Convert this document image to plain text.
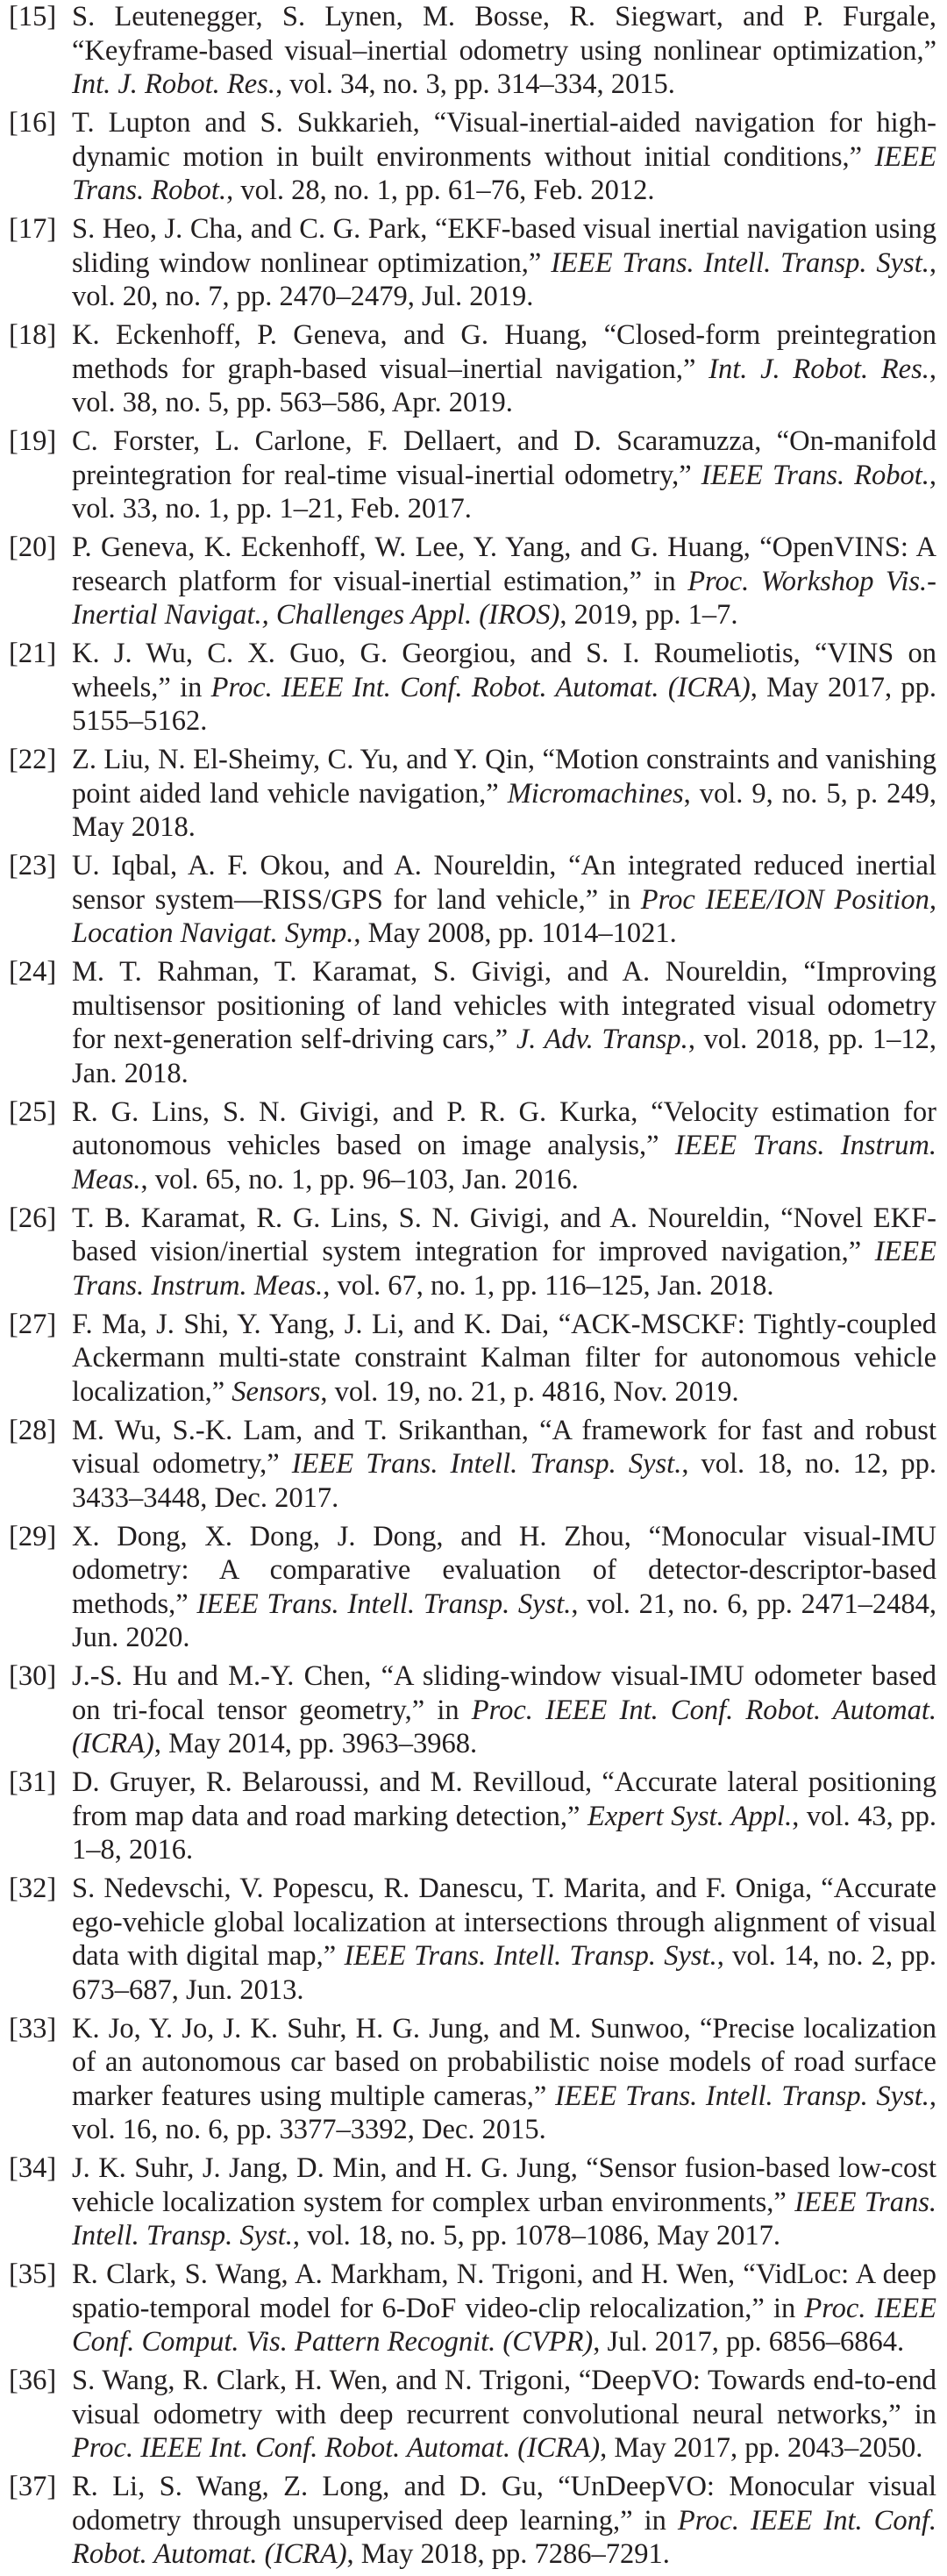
[15] S. Leutenegger, S. Lynen, M. Bosse, R. Siegwart, and P. Furgale, “Keyframe-based visual–inertial odometry using nonlinear optimization,” Int. J. Robot. Res., vol. 34, no. 3, pp. 314–334, 2015.
[16] T. Lupton and S. Sukkarieh, “Visual-inertial-aided navigation for high-dynamic motion in built environments without initial conditions,” IEEE Trans. Robot., vol. 28, no. 1, pp. 61–76, Feb. 2012.
[17] S. Heo, J. Cha, and C. G. Park, “EKF-based visual inertial navigation using sliding window nonlinear optimization,” IEEE Trans. Intell. Transp. Syst., vol. 20, no. 7, pp. 2470–2479, Jul. 2019.
[18] K. Eckenhoff, P. Geneva, and G. Huang, “Closed-form preintegration methods for graph-based visual–inertial navigation,” Int. J. Robot. Res., vol. 38, no. 5, pp. 563–586, Apr. 2019.
[19] C. Forster, L. Carlone, F. Dellaert, and D. Scaramuzza, “On-manifold preintegration for real-time visual-inertial odometry,” IEEE Trans. Robot., vol. 33, no. 1, pp. 1–21, Feb. 2017.
[20] P. Geneva, K. Eckenhoff, W. Lee, Y. Yang, and G. Huang, “OpenVINS: A research platform for visual-inertial estimation,” in Proc. Workshop Vis.-Inertial Navigat., Challenges Appl. (IROS), 2019, pp. 1–7.
[21] K. J. Wu, C. X. Guo, G. Georgiou, and S. I. Roumeliotis, “VINS on wheels,” in Proc. IEEE Int. Conf. Robot. Automat. (ICRA), May 2017, pp. 5155–5162.
[22] Z. Liu, N. El-Sheimy, C. Yu, and Y. Qin, “Motion constraints and vanishing point aided land vehicle navigation,” Micromachines, vol. 9, no. 5, p. 249, May 2018.
[23] U. Iqbal, A. F. Okou, and A. Noureldin, “An integrated reduced inertial sensor system—RISS/GPS for land vehicle,” in Proc IEEE/ION Position, Location Navigat. Symp., May 2008, pp. 1014–1021.
[24] M. T. Rahman, T. Karamat, S. Givigi, and A. Noureldin, “Improving multisensor positioning of land vehicles with integrated visual odometry for next-generation self-driving cars,” J. Adv. Transp., vol. 2018, pp. 1–12, Jan. 2018.
[25] R. G. Lins, S. N. Givigi, and P. R. G. Kurka, “Velocity estimation for autonomous vehicles based on image analysis,” IEEE Trans. Instrum. Meas., vol. 65, no. 1, pp. 96–103, Jan. 2016.
[26] T. B. Karamat, R. G. Lins, S. N. Givigi, and A. Noureldin, “Novel EKF-based vision/inertial system integration for improved navigation,” IEEE Trans. Instrum. Meas., vol. 67, no. 1, pp. 116–125, Jan. 2018.
[27] F. Ma, J. Shi, Y. Yang, J. Li, and K. Dai, “ACK-MSCKF: Tightly-coupled Ackermann multi-state constraint Kalman filter for autonomous vehicle localization,” Sensors, vol. 19, no. 21, p. 4816, Nov. 2019.
[28] M. Wu, S.-K. Lam, and T. Srikanthan, “A framework for fast and robust visual odometry,” IEEE Trans. Intell. Transp. Syst., vol. 18, no. 12, pp. 3433–3448, Dec. 2017.
[29] X. Dong, X. Dong, J. Dong, and H. Zhou, “Monocular visual-IMU odometry: A comparative evaluation of detector-descriptor-based methods,” IEEE Trans. Intell. Transp. Syst., vol. 21, no. 6, pp. 2471–2484, Jun. 2020.
[30] J.-S. Hu and M.-Y. Chen, “A sliding-window visual-IMU odometer based on tri-focal tensor geometry,” in Proc. IEEE Int. Conf. Robot. Automat. (ICRA), May 2014, pp. 3963–3968.
[31] D. Gruyer, R. Belaroussi, and M. Revilloud, “Accurate lateral positioning from map data and road marking detection,” Expert Syst. Appl., vol. 43, pp. 1–8, 2016.
[32] S. Nedevschi, V. Popescu, R. Danescu, T. Marita, and F. Oniga, “Accurate ego-vehicle global localization at intersections through alignment of visual data with digital map,” IEEE Trans. Intell. Transp. Syst., vol. 14, no. 2, pp. 673–687, Jun. 2013.
[33] K. Jo, Y. Jo, J. K. Suhr, H. G. Jung, and M. Sunwoo, “Precise localization of an autonomous car based on probabilistic noise models of road surface marker features using multiple cameras,” IEEE Trans. Intell. Transp. Syst., vol. 16, no. 6, pp. 3377–3392, Dec. 2015.
[34] J. K. Suhr, J. Jang, D. Min, and H. G. Jung, “Sensor fusion-based low-cost vehicle localization system for complex urban environments,” IEEE Trans. Intell. Transp. Syst., vol. 18, no. 5, pp. 1078–1086, May 2017.
[35] R. Clark, S. Wang, A. Markham, N. Trigoni, and H. Wen, “VidLoc: A deep spatio-temporal model for 6-DoF video-clip relocalization,” in Proc. IEEE Conf. Comput. Vis. Pattern Recognit. (CVPR), Jul. 2017, pp. 6856–6864.
[36] S. Wang, R. Clark, H. Wen, and N. Trigoni, “DeepVO: Towards end-to-end visual odometry with deep recurrent convolutional neural networks,” in Proc. IEEE Int. Conf. Robot. Automat. (ICRA), May 2017, pp. 2043–2050.
[37] R. Li, S. Wang, Z. Long, and D. Gu, “UnDeepVO: Monocular visual odometry through unsupervised deep learning,” in Proc. IEEE Int. Conf. Robot. Automat. (ICRA), May 2018, pp. 7286–7291.
